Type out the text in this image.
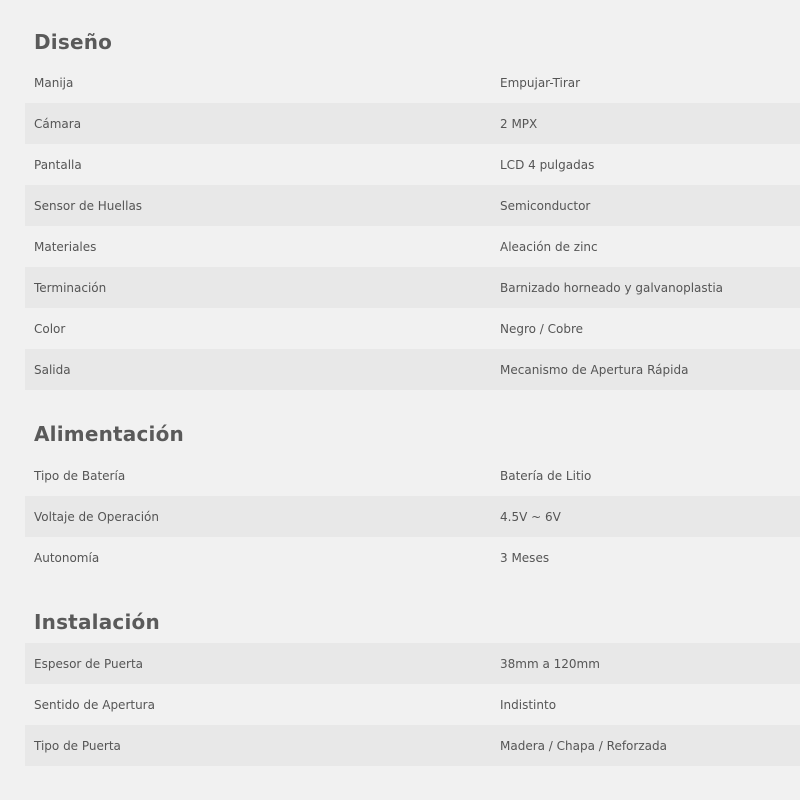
Diseño
Manija	Empujar-Tirar
Cámara	2 MPX
Pantalla	LCD 4 pulgadas
Sensor de Huellas	Semiconductor
Materiales	Aleación de zinc
Terminación	Barnizado horneado y galvanoplastia
Color	Negro / Cobre
Salida	Mecanismo de Apertura Rápida
Alimentación
Tipo de Batería	Batería de Litio
Voltaje de Operación	4.5V ~ 6V
Autonomía	3 Meses
Instalación
Espesor de Puerta	38mm a 120mm
Sentido de Apertura	Indistinto
Tipo de Puerta	Madera / Chapa / Reforzada
